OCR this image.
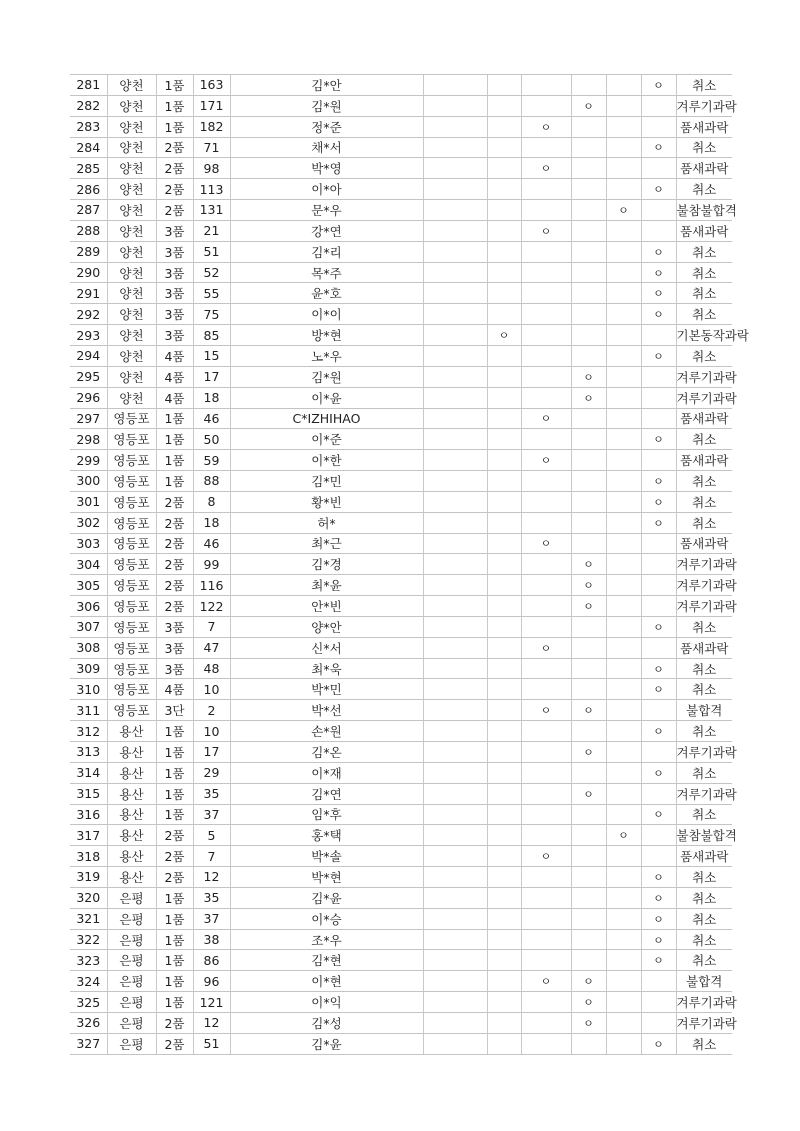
281	양천	1품	163	김*안						ㅇ	취소
282	양천	1품	171	김*원				ㅇ			겨루기과락
283	양천	1품	182	정*준			ㅇ				품새과락
284	양천	2품	71	채*서						ㅇ	취소
285	양천	2품	98	박*영			ㅇ				품새과락
286	양천	2품	113	이*아						ㅇ	취소
287	양천	2품	131	문*우					ㅇ		불참불합격
288	양천	3품	21	강*연			ㅇ				품새과락
289	양천	3품	51	김*리						ㅇ	취소
290	양천	3품	52	목*주						ㅇ	취소
291	양천	3품	55	윤*호						ㅇ	취소
292	양천	3품	75	이*이						ㅇ	취소
293	양천	3품	85	방*현		ㅇ					기본동작과락
294	양천	4품	15	노*우						ㅇ	취소
295	양천	4품	17	김*원				ㅇ			겨루기과락
296	양천	4품	18	이*윤				ㅇ			겨루기과락
297	영등포	1품	46	C*IZHIHAO			ㅇ				품새과락
298	영등포	1품	50	이*준						ㅇ	취소
299	영등포	1품	59	이*한			ㅇ				품새과락
300	영등포	1품	88	김*민						ㅇ	취소
301	영등포	2품	8	황*빈						ㅇ	취소
302	영등포	2품	18	허*						ㅇ	취소
303	영등포	2품	46	최*근			ㅇ				품새과락
304	영등포	2품	99	김*경				ㅇ			겨루기과락
305	영등포	2품	116	최*윤				ㅇ			겨루기과락
306	영등포	2품	122	안*빈				ㅇ			겨루기과락
307	영등포	3품	7	양*안						ㅇ	취소
308	영등포	3품	47	신*서			ㅇ				품새과락
309	영등포	3품	48	최*욱						ㅇ	취소
310	영등포	4품	10	박*민						ㅇ	취소
311	영등포	3단	2	박*선			ㅇ	ㅇ			불합격
312	용산	1품	10	손*원						ㅇ	취소
313	용산	1품	17	김*온				ㅇ			겨루기과락
314	용산	1품	29	이*재						ㅇ	취소
315	용산	1품	35	김*연				ㅇ			겨루기과락
316	용산	1품	37	임*후						ㅇ	취소
317	용산	2품	5	홍*택					ㅇ		불참불합격
318	용산	2품	7	박*솔			ㅇ				품새과락
319	용산	2품	12	박*현						ㅇ	취소
320	은평	1품	35	김*윤						ㅇ	취소
321	은평	1품	37	이*승						ㅇ	취소
322	은평	1품	38	조*우						ㅇ	취소
323	은평	1품	86	김*현						ㅇ	취소
324	은평	1품	96	이*현			ㅇ	ㅇ			불합격
325	은평	1품	121	이*익				ㅇ			겨루기과락
326	은평	2품	12	김*성				ㅇ			겨루기과락
327	은평	2품	51	김*윤						ㅇ	취소
